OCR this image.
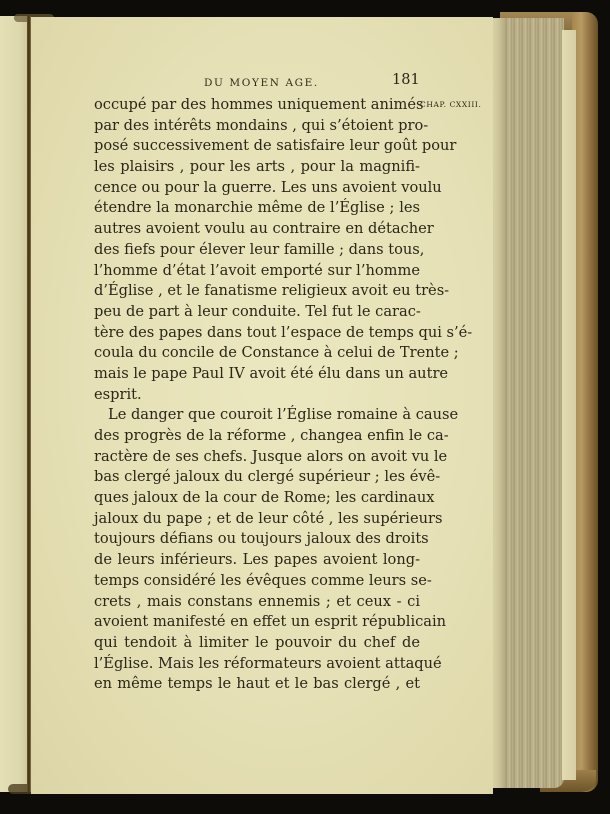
DU MOYEN AGE.	181
CHAP. CXXIII.
occupé par des hommes uniquement animés
par des intérêts mondains , qui s’étoient pro-
posé successivement de satisfaire leur goût pour
les plaisirs , pour les arts , pour la magnifi-
cence ou pour la guerre. Les uns avoient voulu
étendre la monarchie même de l’Église ; les
autres avoient voulu au contraire en détacher
des fiefs pour élever leur famille ; dans tous,
l’homme d’état l’avoit emporté sur l’homme
d’Église , et le fanatisme religieux avoit eu très-
peu de part à leur conduite. Tel fut le carac-
tère des papes dans tout l’espace de temps qui s’é-
coula du concile de Constance à celui de Trente ;
mais le pape Paul IV avoit été élu dans un autre
esprit.
Le danger que couroit l’Église romaine à cause
des progrès de la réforme , changea enfin le ca-
ractère de ses chefs. Jusque alors on avoit vu le
bas clergé jaloux du clergé supérieur ; les évê-
ques jaloux de la cour de Rome; les cardinaux
jaloux du pape ; et de leur côté , les supérieurs
toujours défians ou toujours jaloux des droits
de leurs inférieurs. Les papes avoient long-
temps considéré les évêques comme leurs se-
crets , mais constans ennemis ; et ceux - ci
avoient manifesté en effet un esprit républicain
qui tendoit à limiter le pouvoir du chef de
l’Église. Mais les réformateurs avoient attaqué
en même temps le haut et le bas clergé , et
